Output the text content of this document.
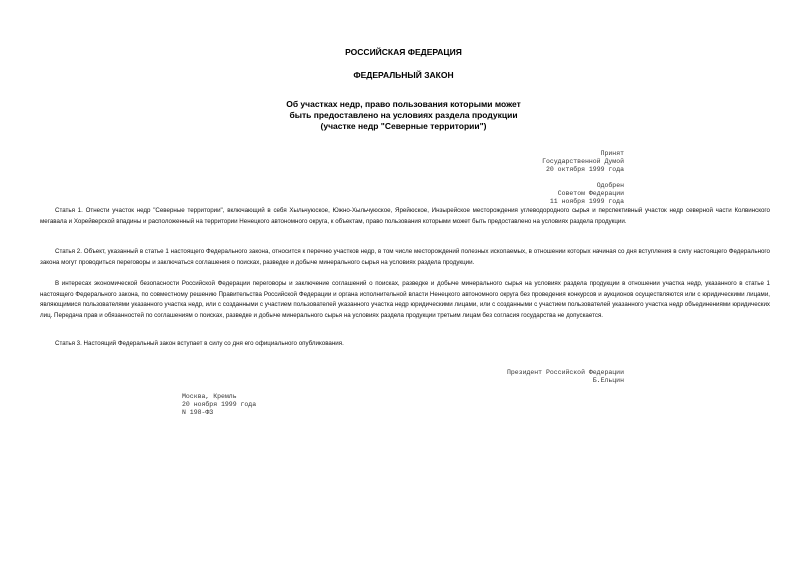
РОССИЙСКАЯ ФЕДЕРАЦИЯ
ФЕДЕРАЛЬНЫЙ ЗАКОН
Об участках недр, право пользования которыми может
быть предоставлено на условиях раздела продукции
(участке недр "Северные территории")
Принят
Государственной Думой
20 октября 1999 года
Одобрен
Советом Федерации
11 ноября 1999 года
Статья 1. Отнести участок недр "Северные территории", включающий в себя Хыльчуюское, Южно-Хыльчуюское, Ярейюское, Инзырейское месторождения углеводородного сырья и перспективный участок недр северной части Колвинского мегавала и Хорейверской впадины и расположенный на территории Ненецкого автономного округа, к объектам, право пользования которыми может быть предоставлено на условиях раздела продукции.
Статья 2. Объект, указанный в статье 1 настоящего Федерального закона, относится к перечню участков недр, в том числе месторождений полезных ископаемых, в отношении которых начиная со дня вступления в силу настоящего Федерального закона могут проводиться переговоры и заключаться соглашения о поисках, разведке и добыче минерального сырья на условиях раздела продукции.
В интересах экономической безопасности Российской Федерации переговоры и заключение соглашений о поисках, разведке и добыче минерального сырья на условиях раздела продукции в отношении участка недр, указанного в статье 1 настоящего Федерального закона, по совместному решению Правительства Российской Федерации и органа исполнительной власти Ненецкого автономного округа без проведения конкурсов и аукционов осуществляются или с юридическими лицами, являющимися пользователями указанного участка недр, или с созданными с участием пользователей указанного участка недр юридическими лицами, или с созданными с участием пользователей указанного участка недр объединениями юридических лиц. Передача прав и обязанностей по соглашениям о поисках, разведке и добыче минерального сырья на условиях раздела продукции третьим лицам без согласия государства не допускается.
Статья 3. Настоящий Федеральный закон вступает в силу со дня его официального опубликования.
Президент Российской Федерации
Б.Ельцин
Москва, Кремль
20 ноября 1999 года
N 198-ФЗ
